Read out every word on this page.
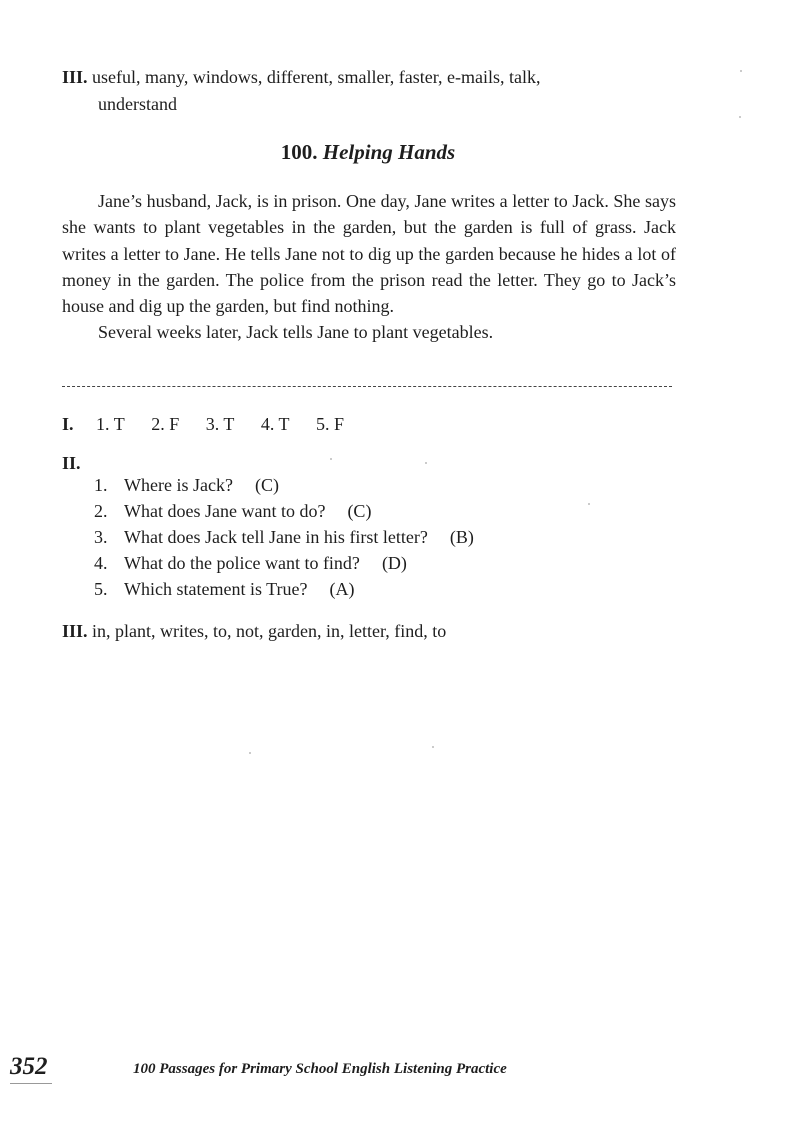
III. useful, many, windows, different, smaller, faster, e-mails, talk,
understand
100. Helping Hands

Jane’s husband, Jack, is in prison. One day, Jane writes a letter to Jack. She says she wants to plant vegetables in the garden, but the garden is full of grass. Jack writes a letter to Jane. He tells Jane not to dig up the garden because he hides a lot of money in the garden. The police from the prison read the letter. They go to Jack’s house and dig up the garden, but find nothing.

Several weeks later, Jack tells Jane to plant vegetables.

I. 1. T 2. F 3. T 4. T 5. F
II.
1. Where is Jack? (C)
2. What does Jane want to do? (C)
3. What does Jack tell Jane in his first letter? (B)
4. What do the police want to find? (D)
5. Which statement is True? (A)
III. in, plant, writes, to, not, garden, in, letter, find, to
352	100 Passages for Primary School English Listening Practice
